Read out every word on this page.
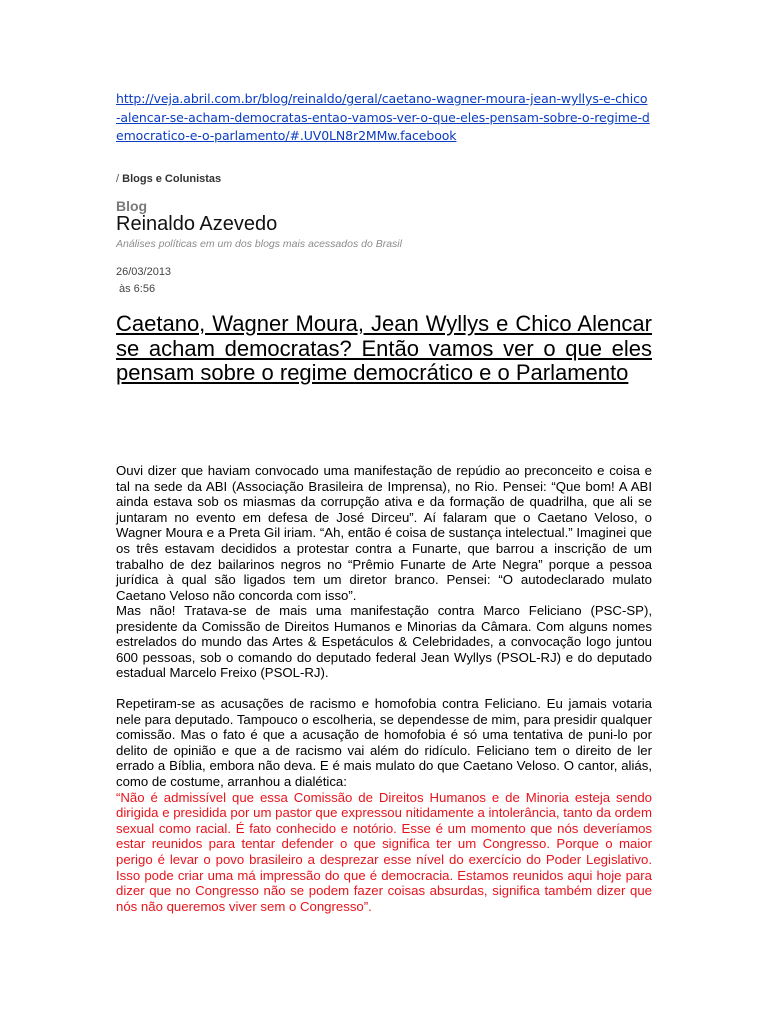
http://veja.abril.com.br/blog/reinaldo/geral/caetano-wagner-moura-jean-wyllys-e-chico-alencar-se-acham-democratas-entao-vamos-ver-o-que-eles-pensam-sobre-o-regime-democratico-e-o-parlamento/#.UV0LN8r2MMw.facebook
/ Blogs e Colunistas
Blog
Reinaldo Azevedo
Análises políticas em um dos blogs mais acessados do Brasil
26/03/2013
às 6:56
Caetano, Wagner Moura, Jean Wyllys e Chico Alencar se acham democratas? Então vamos ver o que eles pensam sobre o regime democrático e o Parlamento
Ouvi dizer que haviam convocado uma manifestação de repúdio ao preconceito e coisa e tal na sede da ABI (Associação Brasileira de Imprensa), no Rio. Pensei: “Que bom! A ABI ainda estava sob os miasmas da corrupção ativa e da formação de quadrilha, que ali se juntaram no evento em defesa de José Dirceu”. Aí falaram que o Caetano Veloso, o Wagner Moura e a Preta Gil iriam. “Ah, então é coisa de sustança intelectual.” Imaginei que os três estavam decididos a protestar contra a Funarte, que barrou a inscrição de um trabalho de dez bailarinos negros no “Prêmio Funarte de Arte Negra” porque a pessoa jurídica à qual são ligados tem um diretor branco. Pensei: “O autodeclarado mulato Caetano Veloso não concorda com isso”.
Mas não! Tratava-se de mais uma manifestação contra Marco Feliciano (PSC-SP), presidente da Comissão de Direitos Humanos e Minorias da Câmara. Com alguns nomes estrelados do mundo das Artes & Espetáculos & Celebridades, a convocação logo juntou 600 pessoas, sob o comando do deputado federal Jean Wyllys (PSOL-RJ) e do deputado estadual Marcelo Freixo (PSOL-RJ).
Repetiram-se as acusações de racismo e homofobia contra Feliciano. Eu jamais votaria nele para deputado. Tampouco o escolheria, se dependesse de mim, para presidir qualquer comissão. Mas o fato é que a acusação de homofobia é só uma tentativa de puni-lo por delito de opinião e que a de racismo vai além do ridículo. Feliciano tem o direito de ler errado a Bíblia, embora não deva. E é mais mulato do que Caetano Veloso. O cantor, aliás, como de costume, arranhou a dialética:
“Não é admissível que essa Comissão de Direitos Humanos e de Minoria esteja sendo dirigida e presidida por um pastor que expressou nitidamente a intolerância, tanto da ordem sexual como racial. É fato conhecido e notório. Esse é um momento que nós deveríamos estar reunidos para tentar defender o que significa ter um Congresso. Porque o maior perigo é levar o povo brasileiro a desprezar esse nível do exercício do Poder Legislativo. Isso pode criar uma má impressão do que é democracia. Estamos reunidos aqui hoje para dizer que no Congresso não se podem fazer coisas absurdas, significa também dizer que nós não queremos viver sem o Congresso”.
